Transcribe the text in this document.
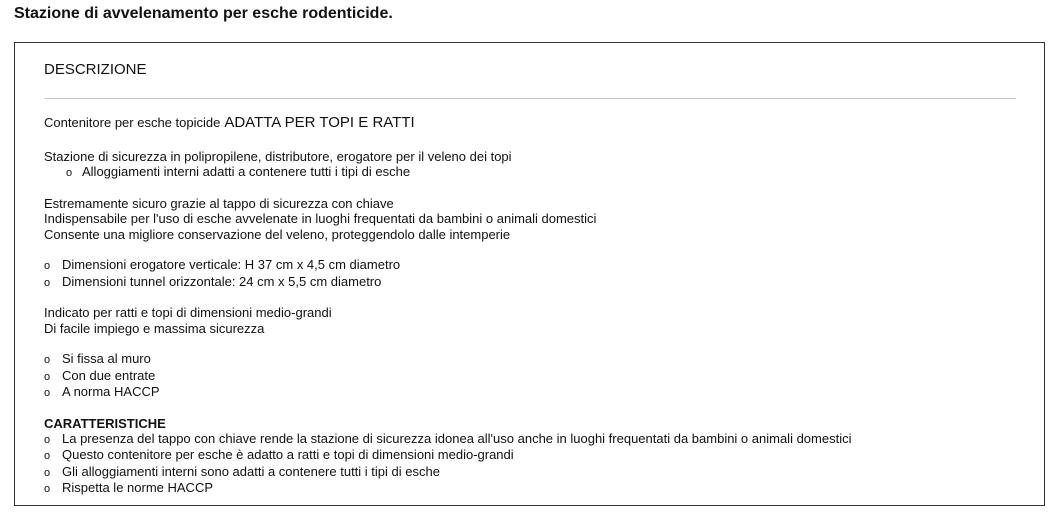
Stazione di avvelenamento per esche rodenticide.
DESCRIZIONE
Contenitore per esche topicide ADATTA PER TOPI E RATTI
Stazione di sicurezza in polipropilene, distributore, erogatore per il veleno dei topi
o Alloggiamenti interni adatti a contenere tutti i tipi di esche
Estremamente sicuro grazie al tappo di sicurezza con chiave
Indispensabile per l'uso di esche avvelenate in luoghi frequentati da bambini o animali domestici
Consente una migliore conservazione del veleno, proteggendolo dalle intemperie
o Dimensioni erogatore verticale: H 37 cm x 4,5 cm diametro
o Dimensioni tunnel orizzontale: 24 cm x 5,5 cm diametro
Indicato per ratti e topi di dimensioni medio-grandi
Di facile impiego e massima sicurezza
o Si fissa al muro
o Con due entrate
o A norma HACCP
CARATTERISTICHE
o La presenza del tappo con chiave rende la stazione di sicurezza idonea all'uso anche in luoghi frequentati da bambini o animali domestici
o Questo contenitore per esche è adatto a ratti e topi di dimensioni medio-grandi
o Gli alloggiamenti interni sono adatti a contenere tutti i tipi di esche
o Rispetta le norme HACCP
